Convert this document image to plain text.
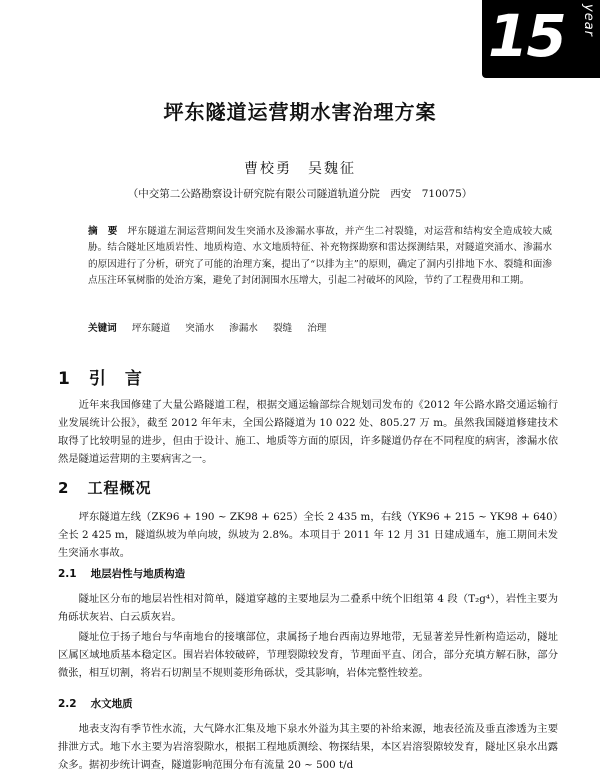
15 year
坪东隧道运营期水害治理方案
曹校勇　吴魏征
（中交第二公路勘察设计研究院有限公司隧道轨道分院　西安　710075）
摘　要　 坪东隧道左洞运营期间发生突涌水及渗漏水事故，并产生二衬裂缝，对运营和结构安全造成较大威胁。结合隧址区地质岩性、地质构造、水文地质特征、补充物探勘察和雷达探测结果，对隧道突涌水、渗漏水的原因进行了分析，研究了可能的治理方案，提出了“以排为主”的原则，确定了洞内引排地下水、裂缝和面渗点压注环氧树脂的处治方案，避免了封闭洞围水压增大，引起二衬破坏的风险，节约了工程费用和工期。
关键词 坪东隧道 突涌水 渗漏水 裂缝 治理
1 引　言
近年来我国修建了大量公路隧道工程，根据交通运输部综合规划司发布的《2012 年公路水路交通运输行业发展统计公报》，截至 2012 年年末，全国公路隧道为 10 022 处、805.27 万 m。虽然我国隧道修建技术取得了比较明显的进步，但由于设计、施工、地质等方面的原因，许多隧道仍存在不同程度的病害，渗漏水依然是隧道运营期的主要病害之一。
2 工程概况
坪东隧道左线（ZK96 + 190 ~ ZK98 + 625）全长 2 435 m，右线（YK96 + 215 ~ YK98 + 640）全长 2 425 m，隧道纵坡为单向坡，纵坡为 2.8%。本项目于 2011 年 12 月 31 日建成通车，施工期间未发生突涌水事故。
2.1 地层岩性与地质构造
隧址区分布的地层岩性相对简单，隧道穿越的主要地层为二叠系中统个旧组第 4 段（T₂g⁴），岩性主要为角砾状灰岩、白云质灰岩。
隧址位于扬子地台与华南地台的接壤部位，隶属扬子地台西南边界地带，无显著差异性新构造运动，隧址区属区域地质基本稳定区。围岩岩体较破碎，节理裂隙较发育，节理面平直、闭合，部分充填方解石脉，部分微张，相互切割，将岩石切割呈不规则菱形角砾状，受其影响，岩体完整性较差。
2.2 水文地质
地表支沟有季节性水流，大气降水汇集及地下泉水外溢为其主要的补给来源，地表径流及垂直渗透为主要排泄方式。地下水主要为岩溶裂隙水，根据工程地质测绘、物探结果，本区岩溶裂隙较发育，隧址区泉水出露众多。据初步统计调查，隧道影响范围分布有流量 20 ~ 500 t/d
